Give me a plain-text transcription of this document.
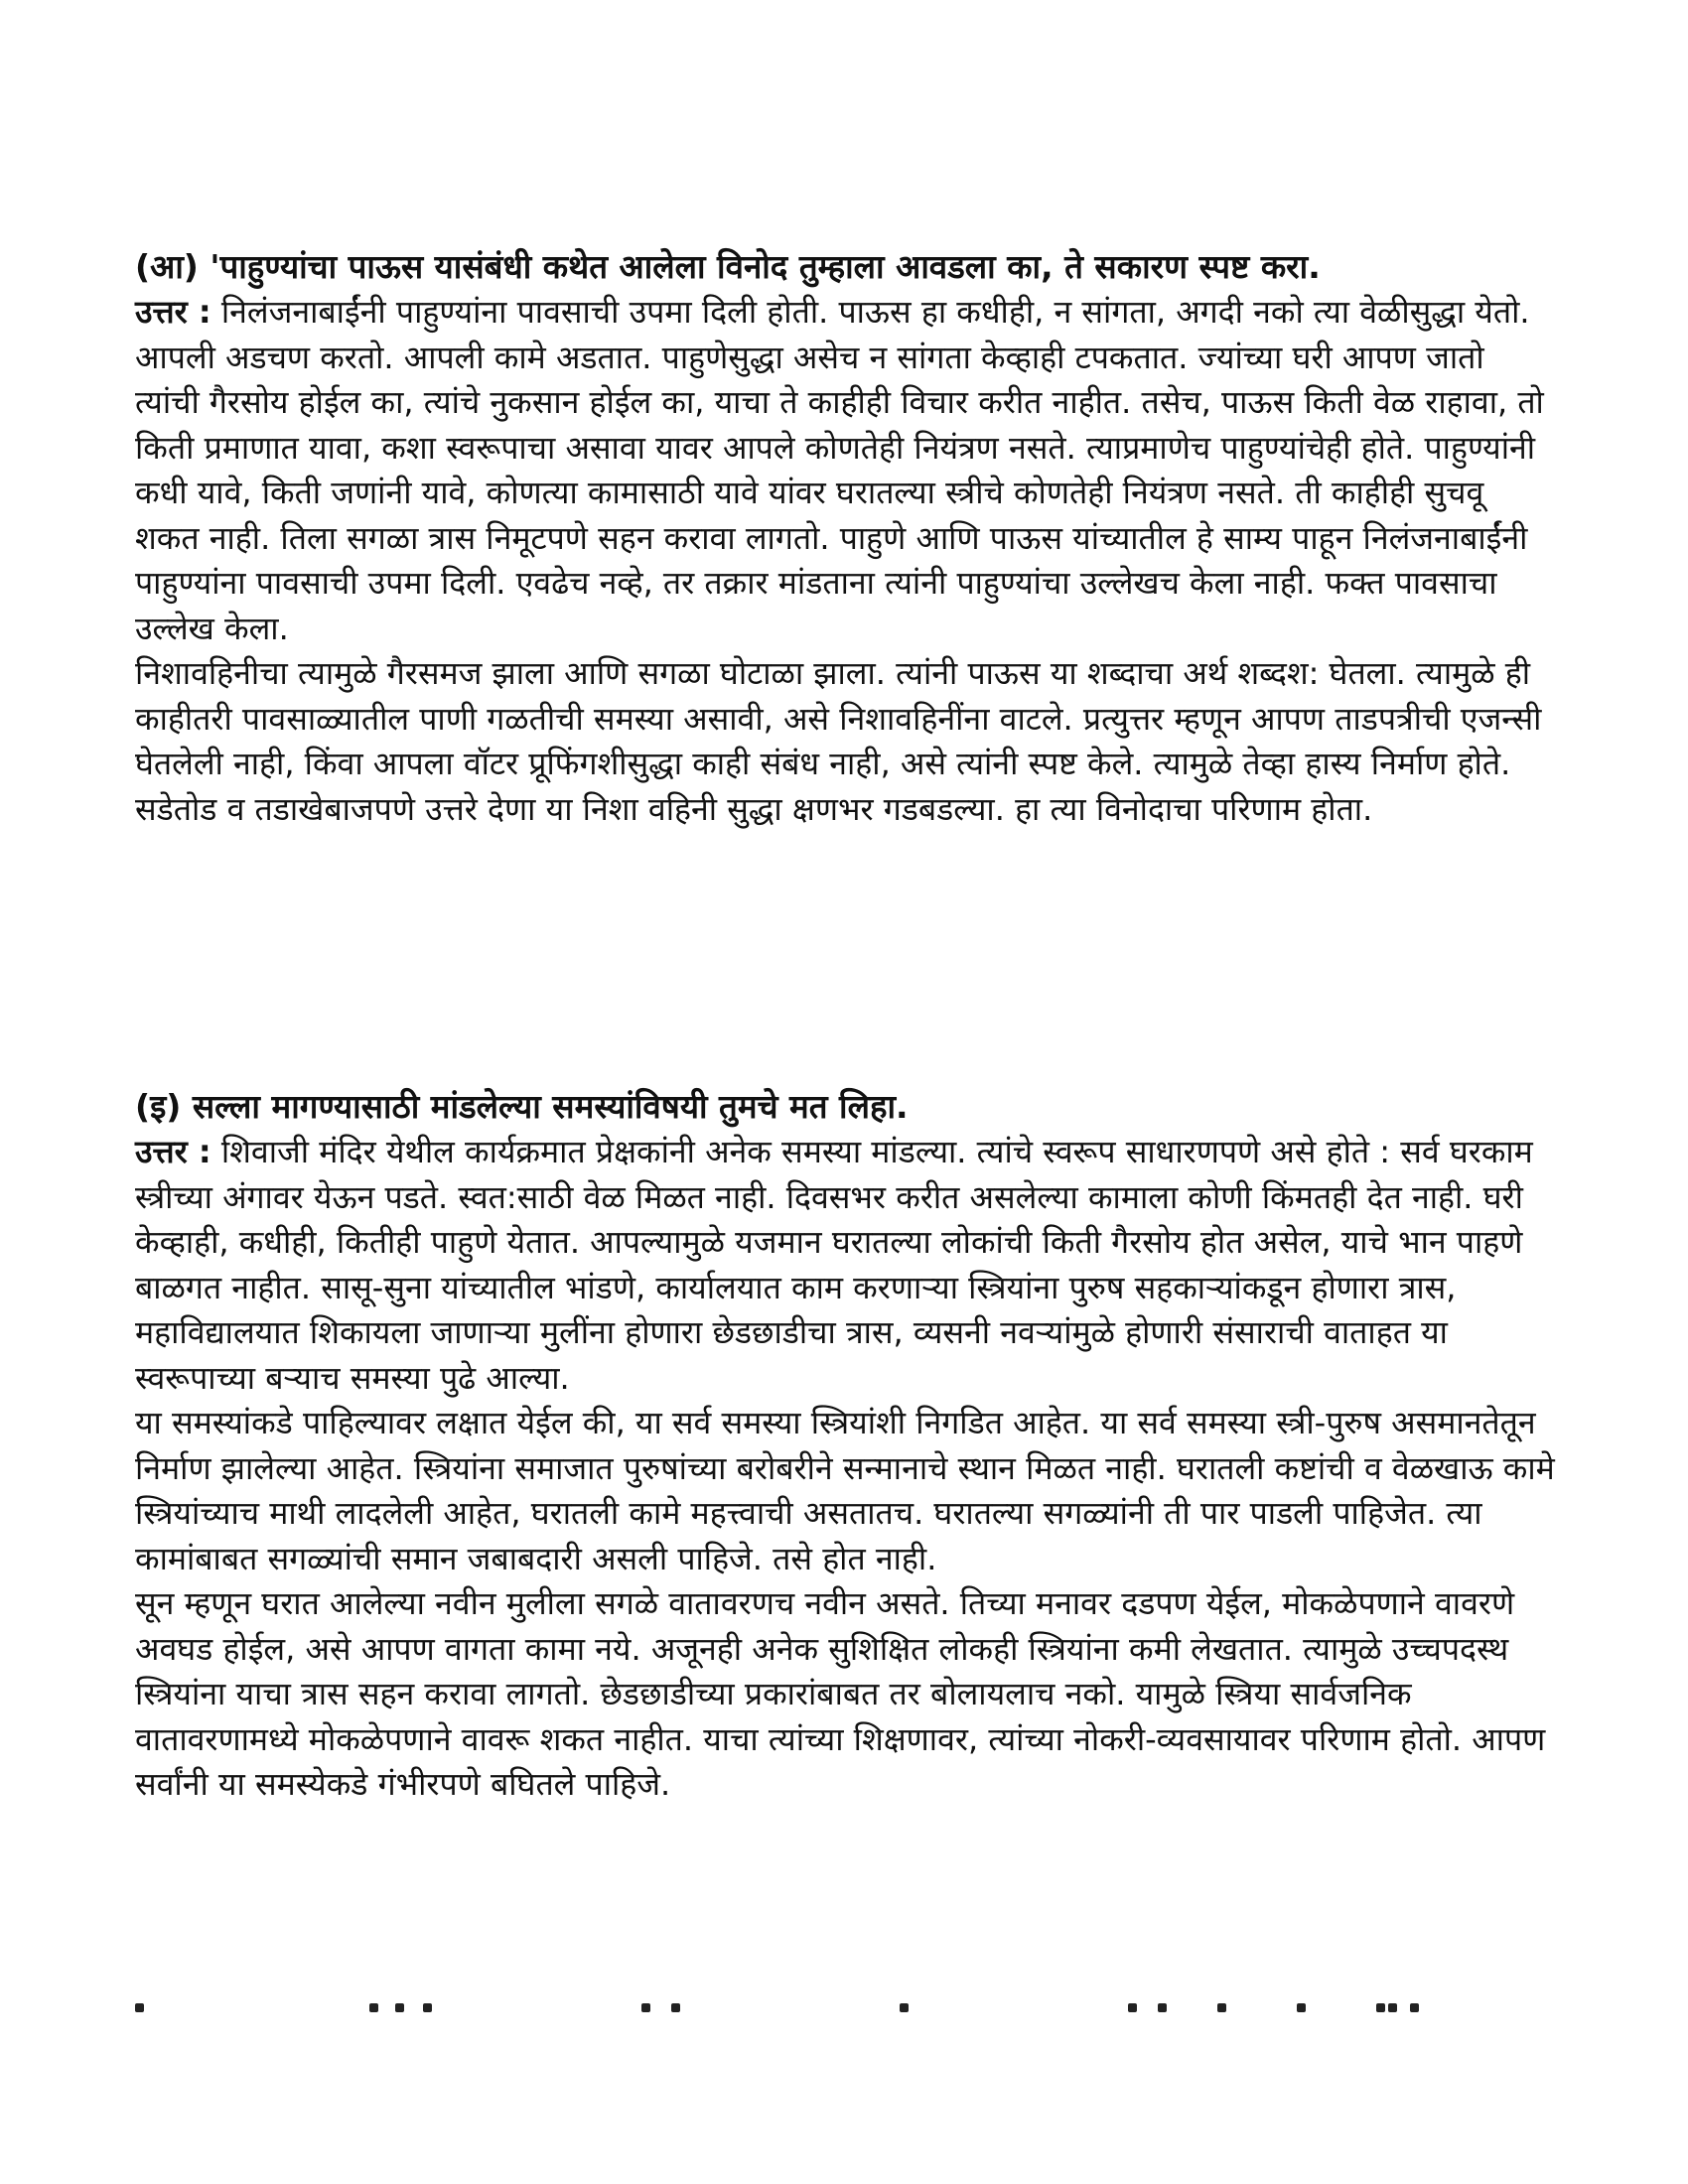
(आ) 'पाहुण्यांचा पाऊस यासंबंधी कथेत आलेला विनोद तुम्हाला आवडला का, ते सकारण स्पष्ट करा.

उत्तर : निलंजनाबाईंनी पाहुण्यांना पावसाची उपमा दिली होती. पाऊस हा कधीही, न सांगता, अगदी नको त्या वेळीसुद्धा येतो. आपली अडचण करतो. आपली कामे अडतात. पाहुणेसुद्धा असेच न सांगता केव्हाही टपकतात. ज्यांच्या घरी आपण जातो त्यांची गैरसोय होईल का, त्यांचे नुकसान होईल का, याचा ते काहीही विचार करीत नाहीत. तसेच, पाऊस किती वेळ राहावा, तो किती प्रमाणात यावा, कशा स्वरूपाचा असावा यावर आपले कोणतेही नियंत्रण नसते. त्याप्रमाणेच पाहुण्यांचेही होते. पाहुण्यांनी कधी यावे, किती जणांनी यावे, कोणत्या कामासाठी यावे यांवर घरातल्या स्त्रीचे कोणतेही नियंत्रण नसते. ती काहीही सुचवू शकत नाही. तिला सगळा त्रास निमूटपणे सहन करावा लागतो. पाहुणे आणि पाऊस यांच्यातील हे साम्य पाहून निलंजनाबाईंनी पाहुण्यांना पावसाची उपमा दिली. एवढेच नव्हे, तर तक्रार मांडताना त्यांनी पाहुण्यांचा उल्लेखच केला नाही. फक्त पावसाचा उल्लेख केला.

निशावहिनीचा त्यामुळे गैरसमज झाला आणि सगळा घोटाळा झाला. त्यांनी पाऊस या शब्दाचा अर्थ शब्दश: घेतला. त्यामुळे ही काहीतरी पावसाळ्यातील पाणी गळतीची समस्या असावी, असे निशावहिनींना वाटले. प्रत्युत्तर म्हणून आपण ताडपत्रीची एजन्सी घेतलेली नाही, किंवा आपला वॉटर प्रूफिंगशीसुद्धा काही संबंध नाही, असे त्यांनी स्पष्ट केले. त्यामुळे तेव्हा हास्य निर्माण होते. सडेतोड व तडाखेबाजपणे उत्तरे देणा या निशा वहिनी सुद्धा क्षणभर गडबडल्या. हा त्या विनोदाचा परिणाम होता.

(इ) सल्ला मागण्यासाठी मांडलेल्या समस्यांविषयी तुमचे मत लिहा.

उत्तर : शिवाजी मंदिर येथील कार्यक्रमात प्रेक्षकांनी अनेक समस्या मांडल्या. त्यांचे स्वरूप साधारणपणे असे होते : सर्व घरकाम स्त्रीच्या अंगावर येऊन पडते. स्वत:साठी वेळ मिळत नाही. दिवसभर करीत असलेल्या कामाला कोणी किंमतही देत नाही. घरी केव्हाही, कधीही, कितीही पाहुणे येतात. आपल्यामुळे यजमान घरातल्या लोकांची किती गैरसोय होत असेल, याचे भान पाहणे बाळगत नाहीत. सासू-सुना यांच्यातील भांडणे, कार्यालयात काम करणाऱ्या स्त्रियांना पुरुष सहकाऱ्यांकडून होणारा त्रास, महाविद्यालयात शिकायला जाणाऱ्या मुलींना होणारा छेडछाडीचा त्रास, व्यसनी नवऱ्यांमुळे होणारी संसाराची वाताहत या स्वरूपाच्या बऱ्याच समस्या पुढे आल्या.

या समस्यांकडे पाहिल्यावर लक्षात येईल की, या सर्व समस्या स्त्रियांशी निगडित आहेत. या सर्व समस्या स्त्री-पुरुष असमानतेतून निर्माण झालेल्या आहेत. स्त्रियांना समाजात पुरुषांच्या बरोबरीने सन्मानाचे स्थान मिळत नाही. घरातली कष्टांची व वेळखाऊ कामे स्त्रियांच्याच माथी लादलेली आहेत, घरातली कामे महत्त्वाची असतातच. घरातल्या सगळ्यांनी ती पार पाडली पाहिजेत. त्या कामांबाबत सगळ्यांची समान जबाबदारी असली पाहिजे. तसे होत नाही.

सून म्हणून घरात आलेल्या नवीन मुलीला सगळे वातावरणच नवीन असते. तिच्या मनावर दडपण येईल, मोकळेपणाने वावरणे अवघड होईल, असे आपण वागता कामा नये. अजूनही अनेक सुशिक्षित लोकही स्त्रियांना कमी लेखतात. त्यामुळे उच्चपदस्थ स्त्रियांना याचा त्रास सहन करावा लागतो. छेडछाडीच्या प्रकारांबाबत तर बोलायलाच नको. यामुळे स्त्रिया सार्वजनिक वातावरणामध्ये मोकळेपणाने वावरू शकत नाहीत. याचा त्यांच्या शिक्षणावर, त्यांच्या नोकरी-व्यवसायावर परिणाम होतो. आपण सर्वांनी या समस्येकडे गंभीरपणे बघितले पाहिजे.
